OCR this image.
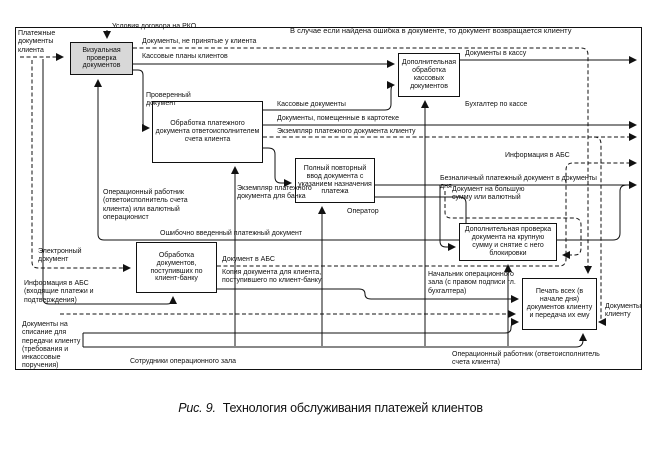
Визуальная проверка документов
Обработка платежного документа ответоисполнителем счета клиента
Дополнительная обработка кассовых документов
Полный повторный ввод документа с указанием назначения платежа
Дополнительная проверка документа на крупную сумму и снятие с него блокировки
Обработка документов, поступивших по клиент-банку
Печать всех (в начале дня) документов клиенту и передача их ему
Платежные документы клиента
Условия договора на РКО
Документы, не принятые у клиента
Кассовые планы клиентов
В случае если найдена ошибка в документе, то документ возвращается клиенту
Документы в кассу
Проверенный документ	Кассовые документы
Документы, помещенные в картотеке
Экземпляр платежного документа клиенту
Бухгалтер по кассе
Информация в АБС
Экземпляр платежного документа для банка
Оператор
Операционный работник (ответоисполнитель счета клиента) или валютный операционист
Ошибочно введенный платежный документ
Безналичный платежный документ в документы дня Документ на большую сумму или валютный
Электронный документ	Документ в АБС
Копия документа для клиента, поступившего по клиент-банку
Информация в АБС (входящие платежи и подтверждения)
Начальник операционного зала (с правом подписи гл. бухгалтера)
Документы клиенту
Документы на списание для передачи клиенту (требования и инкассовые поручения)
Сотрудники операционного зала
Операционный работник (ответоисполнитель счета клиента)
Рис. 9. Технология обслуживания платежей клиентов
